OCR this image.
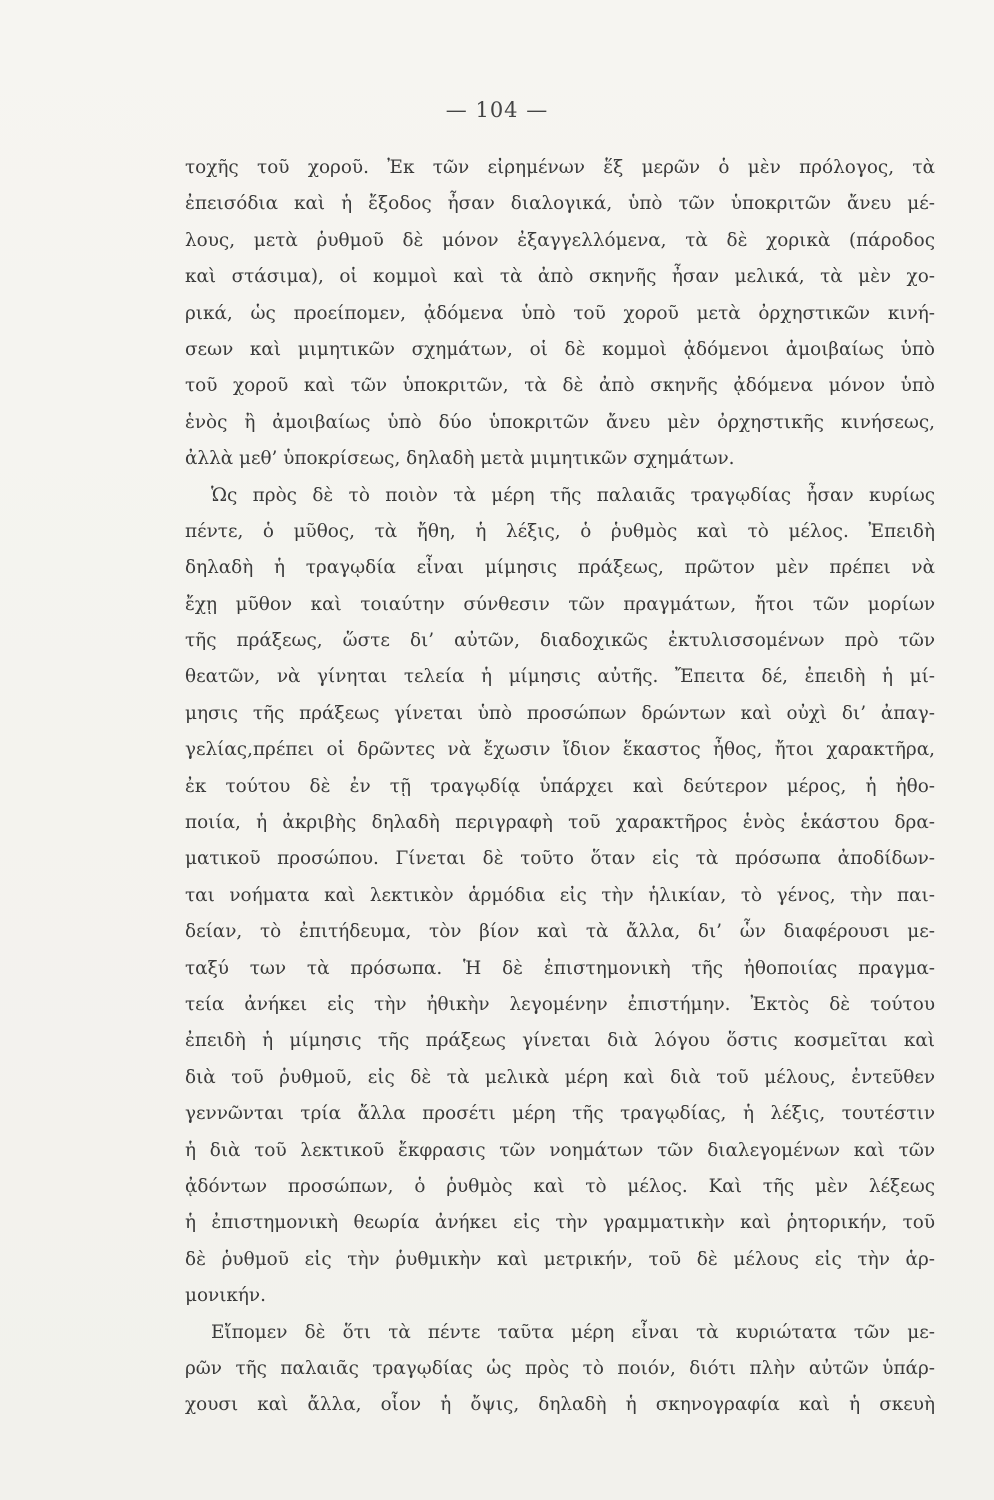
— 104 —
τοχῆς τοῦ χοροῦ. Ἐκ τῶν εἰρημένων ἕξ μερῶν ὁ μὲν πρόλογος, τὰ
ἐπεισόδια καὶ ἡ ἔξοδος ἦσαν διαλογικά, ὑπὸ τῶν ὑποκριτῶν ἄνευ μέ-
λους, μετὰ ῥυθμοῦ δὲ μόνον ἐξαγγελλόμενα, τὰ δὲ χορικὰ (πάροδος
καὶ στάσιμα), οἱ κομμοὶ καὶ τὰ ἀπὸ σκηνῆς ἦσαν μελικά, τὰ μὲν χο-
ρικά, ὡς προείπομεν, ᾀδόμενα ὑπὸ τοῦ χοροῦ μετὰ ὀρχηστικῶν κινή-
σεων καὶ μιμητικῶν σχημάτων, οἱ δὲ κομμοὶ ᾀδόμενοι ἀμοιβαίως ὑπὸ
τοῦ χοροῦ καὶ τῶν ὑποκριτῶν, τὰ δὲ ἀπὸ σκηνῆς ᾀδόμενα μόνον ὑπὸ
ἑνὸς ἢ ἀμοιβαίως ὑπὸ δύο ὑποκριτῶν ἄνευ μὲν ὀρχηστικῆς κινήσεως,
ἀλλὰ μεθ’ ὑποκρίσεως, δηλαδὴ μετὰ μιμητικῶν σχημάτων.
Ὡς πρὸς δὲ τὸ ποιὸν τὰ μέρη τῆς παλαιᾶς τραγῳδίας ἦσαν κυρίως
πέντε, ὁ μῦθος, τὰ ἤθη, ἡ λέξις, ὁ ῥυθμὸς καὶ τὸ μέλος. Ἐπειδὴ
δηλαδὴ ἡ τραγῳδία εἶναι μίμησις πράξεως, πρῶτον μὲν πρέπει νὰ
ἔχῃ μῦθον καὶ τοιαύτην σύνθεσιν τῶν πραγμάτων, ἤτοι τῶν μορίων
τῆς πράξεως, ὥστε δι’ αὐτῶν, διαδοχικῶς ἐκτυλισσομένων πρὸ τῶν
θεατῶν, νὰ γίνηται τελεία ἡ μίμησις αὐτῆς. Ἔπειτα δέ, ἐπειδὴ ἡ μί-
μησις τῆς πράξεως γίνεται ὑπὸ προσώπων δρώντων καὶ οὐχὶ δι’ ἀπαγ-
γελίας,πρέπει οἱ δρῶντες νὰ ἔχωσιν ἴδιον ἕκαστος ἦθος, ἤτοι χαρακτῆρα,
ἐκ τούτου δὲ ἐν τῇ τραγῳδίᾳ ὑπάρχει καὶ δεύτερον μέρος, ἡ ἠθο-
ποιία, ἡ ἀκριβὴς δηλαδὴ περιγραφὴ τοῦ χαρακτῆρος ἑνὸς ἑκάστου δρα-
ματικοῦ προσώπου. Γίνεται δὲ τοῦτο ὅταν εἰς τὰ πρόσωπα ἀποδίδων-
ται νοήματα καὶ λεκτικὸν ἁρμόδια εἰς τὴν ἡλικίαν, τὸ γένος, τὴν παι-
δείαν, τὸ ἐπιτήδευμα, τὸν βίον καὶ τὰ ἄλλα, δι’ ὧν διαφέρουσι με-
ταξύ των τὰ πρόσωπα. Ἡ δὲ ἐπιστημονικὴ τῆς ἠθοποιίας πραγμα-
τεία ἀνήκει εἰς τὴν ἠθικὴν λεγομένην ἐπιστήμην. Ἐκτὸς δὲ τούτου
ἐπειδὴ ἡ μίμησις τῆς πράξεως γίνεται διὰ λόγου ὅστις κοσμεῖται καὶ
διὰ τοῦ ῥυθμοῦ, εἰς δὲ τὰ μελικὰ μέρη καὶ διὰ τοῦ μέλους, ἐντεῦθεν
γεννῶνται τρία ἄλλα προσέτι μέρη τῆς τραγῳδίας, ἡ λέξις, τουτέστιν
ἡ διὰ τοῦ λεκτικοῦ ἔκφρασις τῶν νοημάτων τῶν διαλεγομένων καὶ τῶν
ᾀδόντων προσώπων, ὁ ῥυθμὸς καὶ τὸ μέλος. Καὶ τῆς μὲν λέξεως
ἡ ἐπιστημονικὴ θεωρία ἀνήκει εἰς τὴν γραμματικὴν καὶ ῥητορικήν, τοῦ
δὲ ῥυθμοῦ εἰς τὴν ῥυθμικὴν καὶ μετρικήν, τοῦ δὲ μέλους εἰς τὴν ἁρ-
μονικήν.
Εἴπομεν δὲ ὅτι τὰ πέντε ταῦτα μέρη εἶναι τὰ κυριώτατα τῶν με-
ρῶν τῆς παλαιᾶς τραγῳδίας ὡς πρὸς τὸ ποιόν, διότι πλὴν αὐτῶν ὑπάρ-
χουσι καὶ ἄλλα, οἷον ἡ ὄψις, δηλαδὴ ἡ σκηνογραφία καὶ ἡ σκευὴ
